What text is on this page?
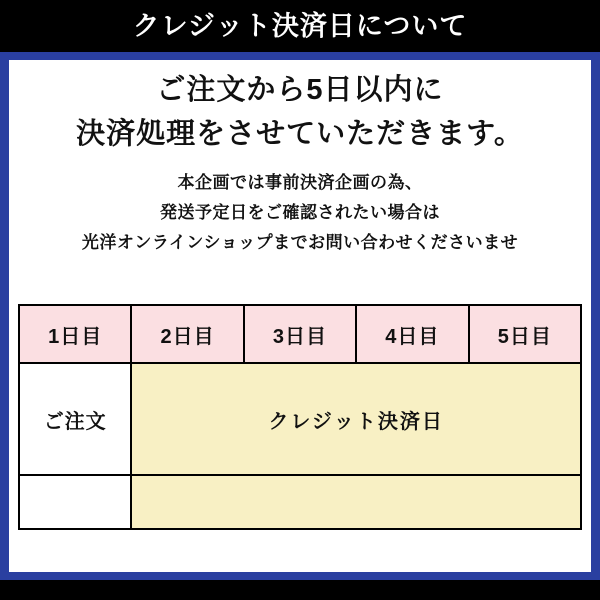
クレジット決済日について
ご注文から5日以内に
決済処理をさせていただきます。
本企画では事前決済企画の為、
発送予定日をご確認されたい場合は
光洋オンラインショップまでお問い合わせくださいませ
1日目	2日目	3日目	4日目	5日目
ご注文	クレジット決済日			
